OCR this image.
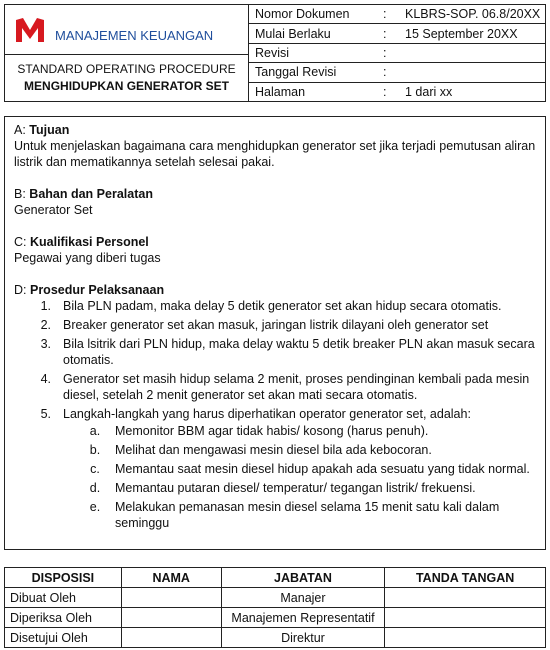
MANAJEMEN KEUANGAN
STANDARD OPERATING PROCEDURE
MENGHIDUPKAN GENERATOR SET
Nomor Dokumen	:	KLBRS-SOP. 06.8/20XX
Mulai Berlaku	:	15 September 20XX
Revisi	:
Tanggal Revisi	:
Halaman	:	1 dari xx
A: Tujuan
Untuk menjelaskan bagaimana cara menghidupkan generator set jika terjadi pemutusan aliran listrik dan mematikannya setelah selesai pakai.
B: Bahan dan Peralatan
Generator Set
C: Kualifikasi Personel
Pegawai yang diberi tugas
D: Prosedur Pelaksanaan
1. Bila PLN padam, maka delay 5 detik generator set akan hidup secara otomatis.
2. Breaker generator set akan masuk, jaringan listrik dilayani oleh generator set
3. Bila lsitrik dari PLN hidup, maka delay waktu 5 detik breaker PLN akan masuk secara otomatis.
4. Generator set masih hidup selama 2 menit, proses pendinginan kembali pada mesin diesel, setelah 2 menit generator set akan mati secara otomatis.
5. Langkah-langkah yang harus diperhatikan operator generator set, adalah:
a.	Memonitor BBM agar tidak habis/ kosong (harus penuh).
b.	Melihat dan mengawasi mesin diesel bila ada kebocoran.
c.	Memantau saat mesin diesel hidup apakah ada sesuatu yang tidak normal.
d.	Memantau putaran diesel/ temperatur/ tegangan listrik/ frekuensi.
e.	Melakukan pemanasan mesin diesel selama 15 menit satu kali dalam seminggu
DISPOSISI	NAMA	JABATAN	TANDA TANGAN
Dibuat Oleh		Manajer	
Diperiksa Oleh		Manajemen Representatif	
Disetujui Oleh		Direktur	
